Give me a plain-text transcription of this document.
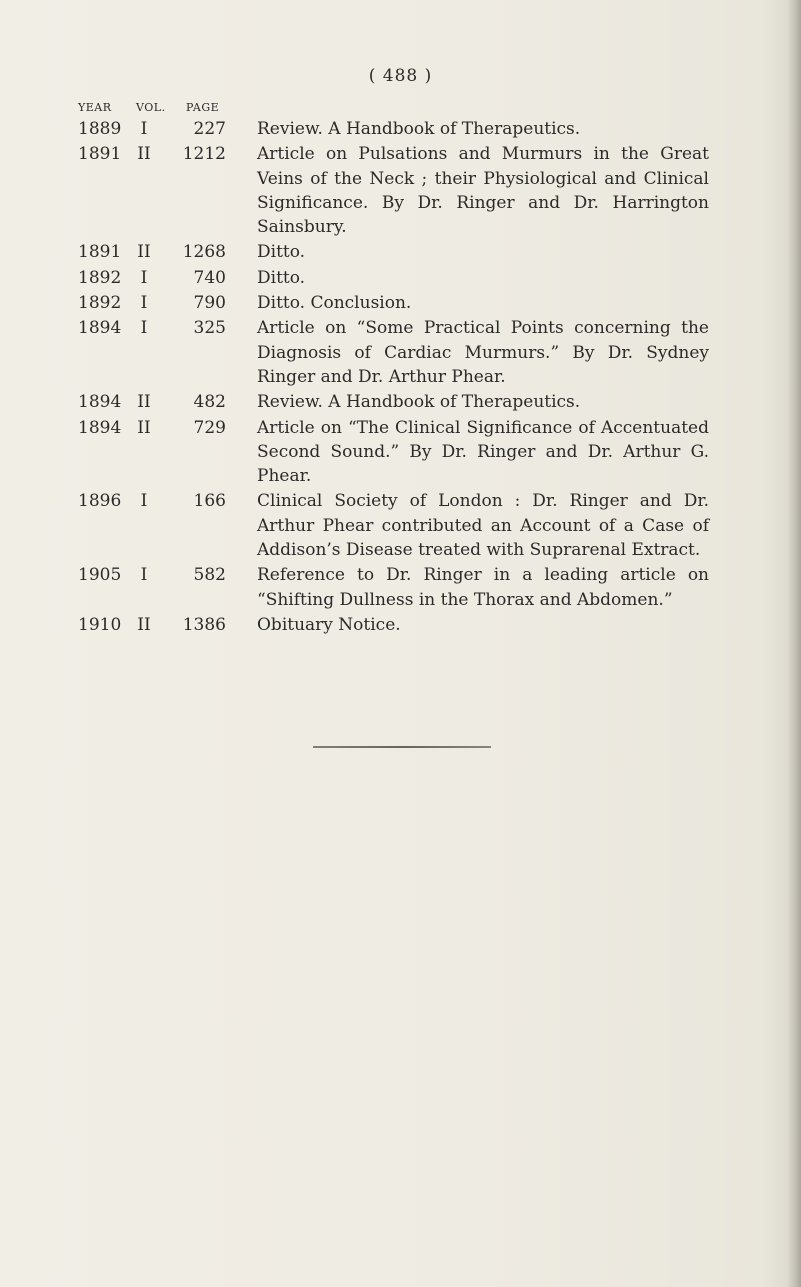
( 488 )
YEAR VOL. PAGE
1889	I	227 Review. A Handbook of Therapeutics.
1891 II	1212 Article on Pulsations and Murmurs in the Great Veins of the Neck ; their Physiological and Clinical Significance. By Dr. Ringer and Dr. Harrington Sainsbury.
1891 II	1268 Ditto.
1892	I	740 Ditto.
1892	I	790 Ditto. Conclusion.
1894	I	325 Article on “Some Practical Points concerning the Diagnosis of Cardiac Murmurs.” By Dr. Sydney Ringer and Dr. Arthur Phear.
1894 II	482 Review. A Handbook of Therapeutics.
1894 II	729 Article on “The Clinical Significance of Accentuated Second Sound.” By Dr. Ringer and Dr. Arthur G. Phear.
1896	I	166 Clinical Society of London : Dr. Ringer and Dr. Arthur Phear contributed an Account of a Case of Addison’s Disease treated with Suprarenal Extract.
1905	I	582 Reference to Dr. Ringer in a leading article on “Shifting Dullness in the Thorax and Abdomen.”
1910 II	1386 Obituary Notice.
